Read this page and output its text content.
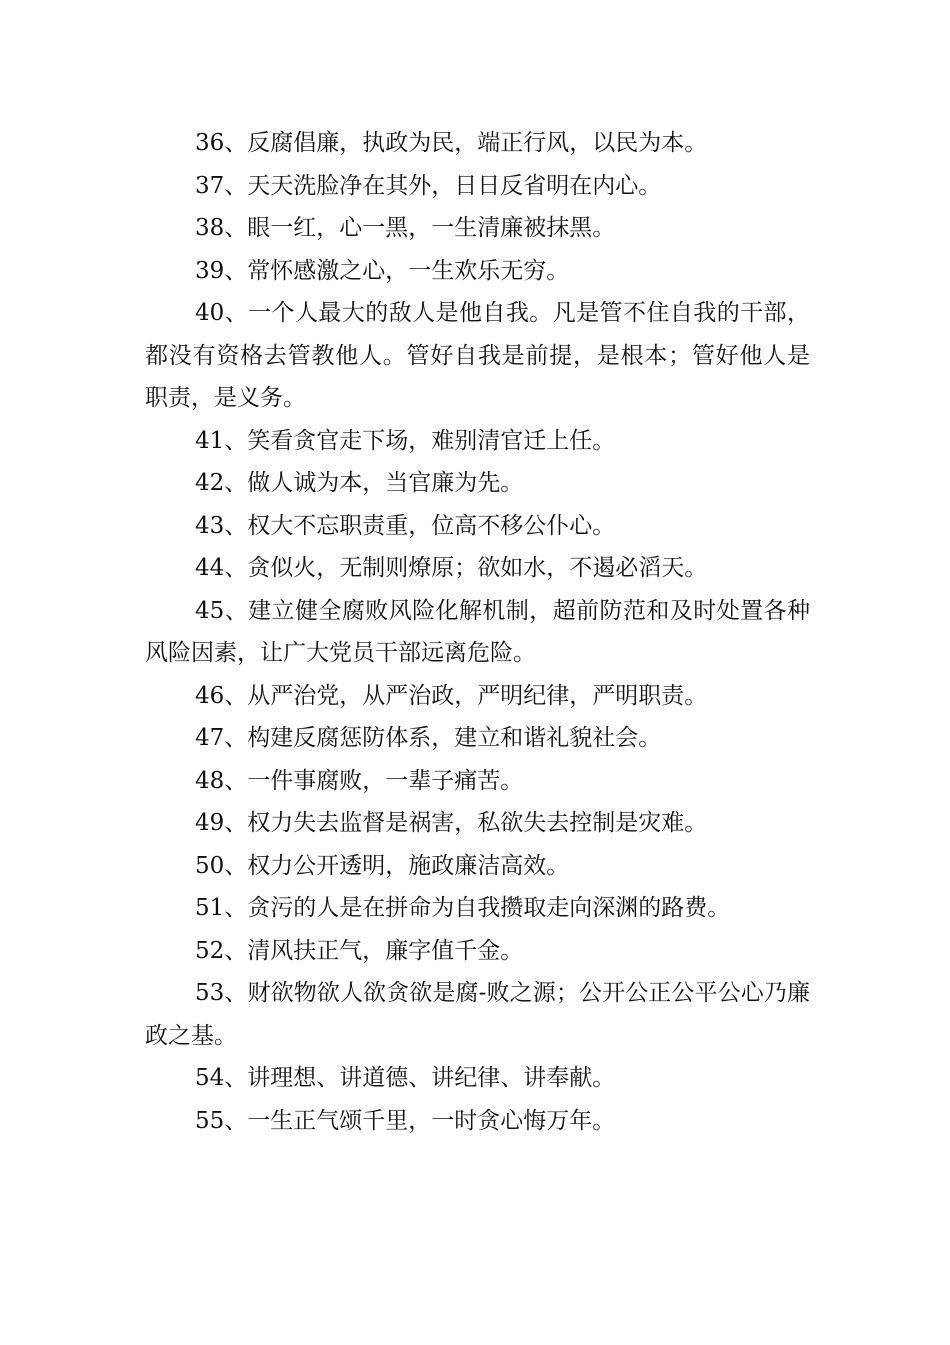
36、反腐倡廉，执政为民，端正行风，以民为本。

37、天天洗脸净在其外，日日反省明在内心。

38、眼一红，心一黑，一生清廉被抹黑。

39、常怀感激之心，一生欢乐无穷。

40、一个人最大的敌人是他自我。凡是管不住自我的干部，都没有资格去管教他人。管好自我是前提，是根本；管好他人是职责，是义务。

41、笑看贪官走下场，难别清官迁上任。

42、做人诚为本，当官廉为先。

43、权大不忘职责重，位高不移公仆心。

44、贪似火，无制则燎原；欲如水，不遏必滔天。

45、建立健全腐败风险化解机制，超前防范和及时处置各种风险因素，让广大党员干部远离危险。

46、从严治党，从严治政，严明纪律，严明职责。

47、构建反腐惩防体系，建立和谐礼貌社会。

48、一件事腐败，一辈子痛苦。

49、权力失去监督是祸害，私欲失去控制是灾难。

50、权力公开透明，施政廉洁高效。

51、贪污的人是在拼命为自我攒取走向深渊的路费。

52、清风扶正气，廉字值千金。

53、财欲物欲人欲贪欲是腐-败之源；公开公正公平公心乃廉政之基。

54、讲理想、讲道德、讲纪律、讲奉献。

55、一生正气颂千里，一时贪心悔万年。
